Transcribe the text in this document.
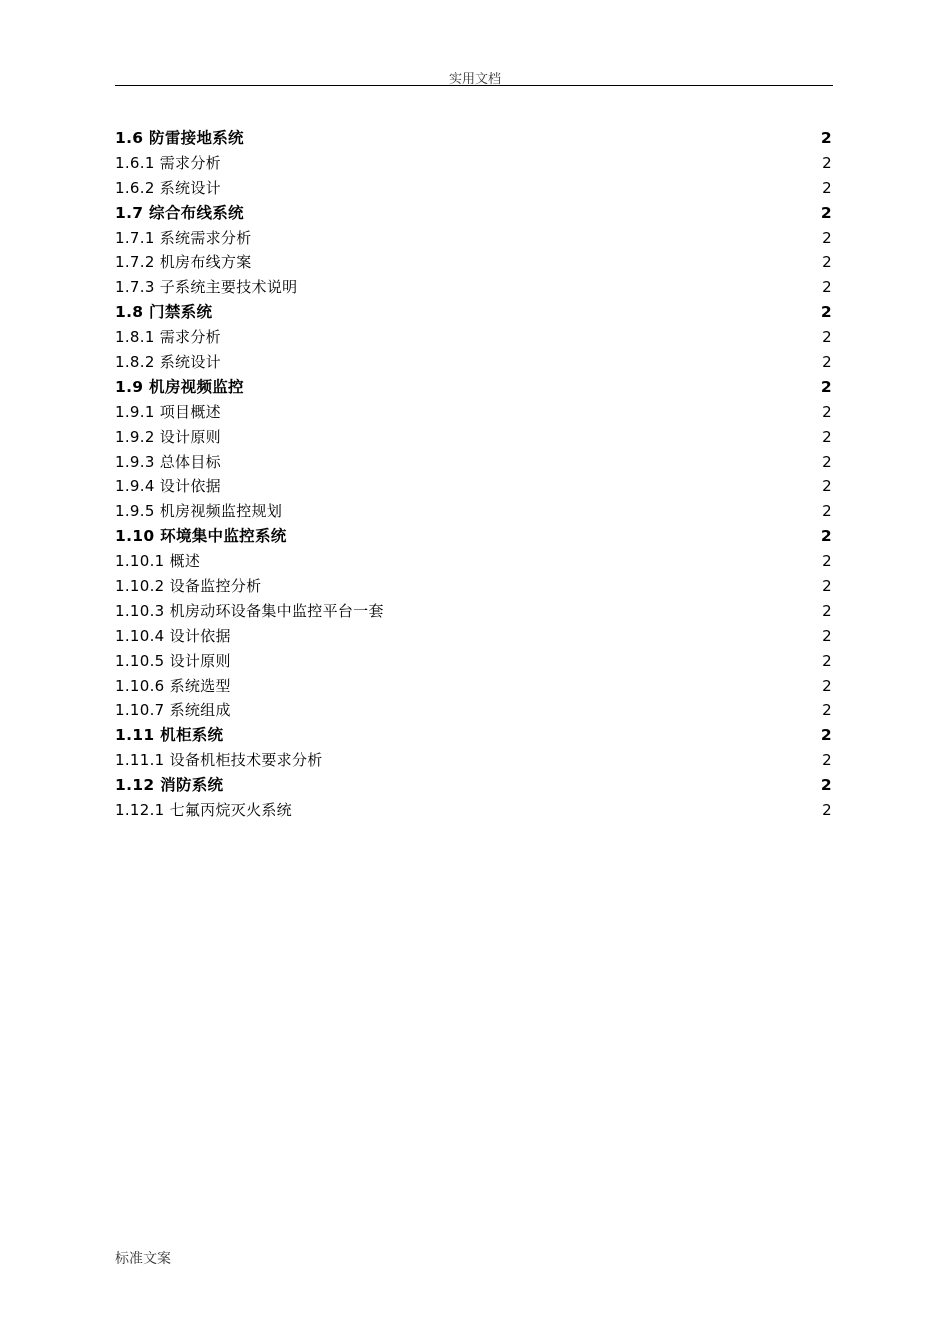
实用文档
1.6 防雷接地系统	2
1.6.1 需求分析	2
1.6.2 系统设计	2
1.7 综合布线系统	2
1.7.1 系统需求分析	2
1.7.2 机房布线方案	2
1.7.3 子系统主要技术说明	2
1.8 门禁系统	2
1.8.1 需求分析	2
1.8.2 系统设计	2
1.9 机房视频监控	2
1.9.1 项目概述	2
1.9.2 设计原则	2
1.9.3 总体目标	2
1.9.4 设计依据	2
1.9.5 机房视频监控规划	2
1.10 环境集中监控系统	2
1.10.1 概述	2
1.10.2 设备监控分析	2
1.10.3 机房动环设备集中监控平台一套	2
1.10.4 设计依据	2
1.10.5 设计原则	2
1.10.6 系统选型	2
1.10.7 系统组成	2
1.11 机柜系统	2
1.11.1 设备机柜技术要求分析	2
1.12 消防系统	2
1.12.1 七氟丙烷灭火系统	2
标准文案
